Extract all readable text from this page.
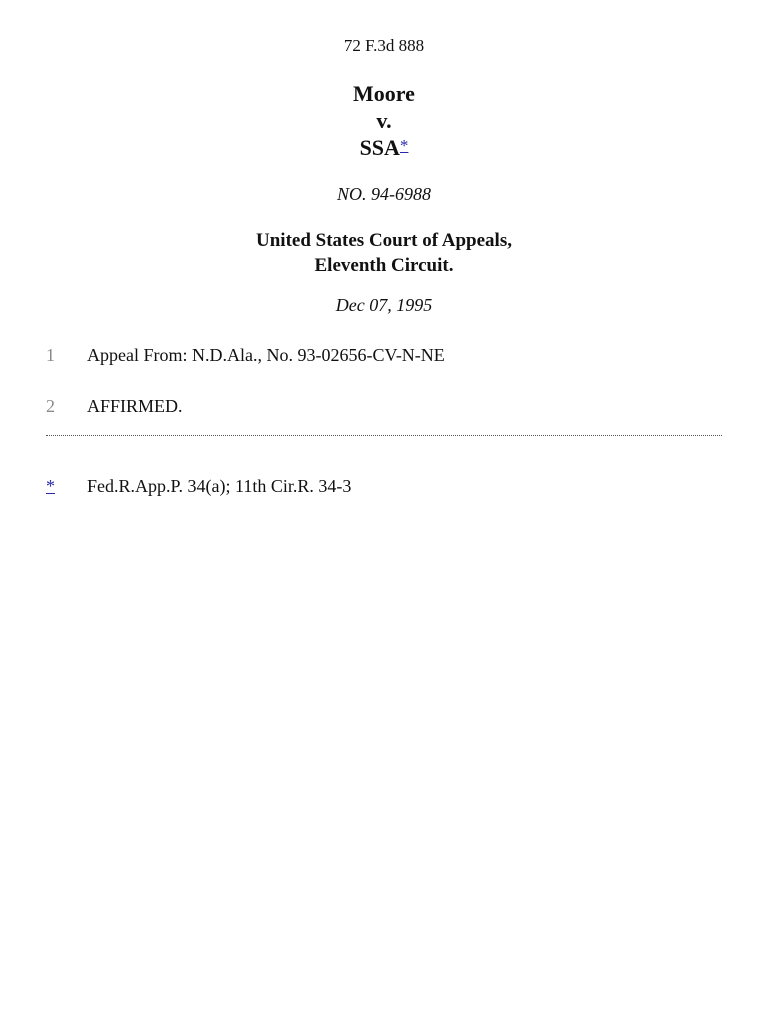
72 F.3d 888
Moore
v.
SSA*
NO. 94-6988
United States Court of Appeals,
Eleventh Circuit.
Dec 07, 1995
1 Appeal From: N.D.Ala., No. 93-02656-CV-N-NE
2 AFFIRMED.
* Fed.R.App.P. 34(a); 11th Cir.R. 34-3
